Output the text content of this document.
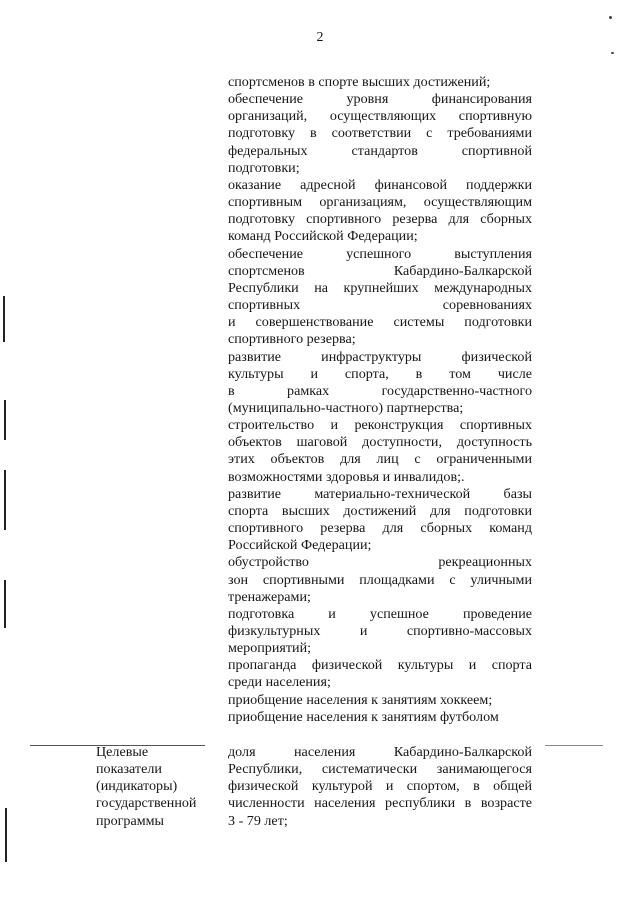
2

спортсменов в спорте высших достижений;

обеспечение уровня финансирования

организаций, осуществляющих спортивную

подготовку в соответствии с требованиями

федеральных стандартов спортивной

подготовки;

оказание адресной финансовой поддержки

спортивным организациям, осуществляющим

подготовку спортивного резерва для сборных

команд Российской Федерации;

обеспечение успешного выступления

спортсменов Кабардино-Балкарской

Республики на крупнейших международных

спортивных соревнованиях

и совершенствование системы подготовки

спортивного резерва;

развитие инфраструктуры физической

культуры и спорта, в том числе

в рамках государственно-частного

(муниципально-частного) партнерства;

строительство и реконструкция спортивных

объектов шаговой доступности, доступность

этих объектов для лиц с ограниченными

возможностями здоровья и инвалидов;.

развитие материально-технической базы

спорта высших достижений для подготовки

спортивного резерва для сборных команд

Российской Федерации;

обустройство рекреационных

зон спортивными площадками с уличными

тренажерами;

подготовка и успешное проведение

физкультурных и спортивно-массовых

мероприятий;

пропаганда физической культуры и спорта

среди населения;

приобщение населения к занятиям хоккеем;

приобщение населения к занятиям футболом

Целевые

показатели

(индикаторы)

государственной

программы

доля населения Кабардино-Балкарской

Республики, систематически занимающегося

физической культурой и спортом, в общей

численности населения республики в возрасте

3 - 79 лет;
